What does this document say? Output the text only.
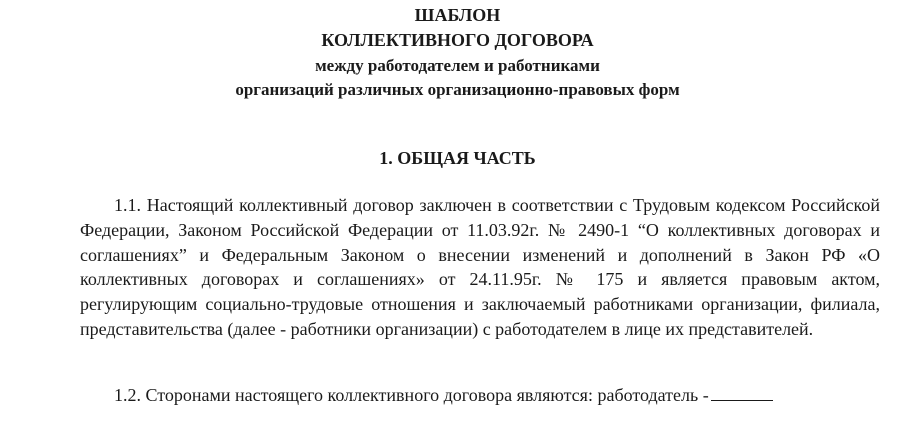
ШАБЛОН
КОЛЛЕКТИВНОГО ДОГОВОРА
между работодателем и работниками
организаций различных организационно-правовых форм
1. ОБЩАЯ ЧАСТЬ

1.1. Настоящий коллективный договор заключен в соответствии с Трудовым кодексом Российской Федерации, Законом Российской Федерации от 11.03.92г. № 2490-1 “О коллективных договорах и соглашениях” и Федеральным Законом о внесении изменений и дополнений в Закон РФ «О коллективных договорах и соглашениях» от 24.11.95г. № 175 и является правовым актом, регулирующим социально-трудовые отношения и заключаемый работниками организации, филиала, представительства (далее - работники организации) с работодателем в лице их представителей.

1.2. Сторонами настоящего коллективного договора являются: работодатель -
